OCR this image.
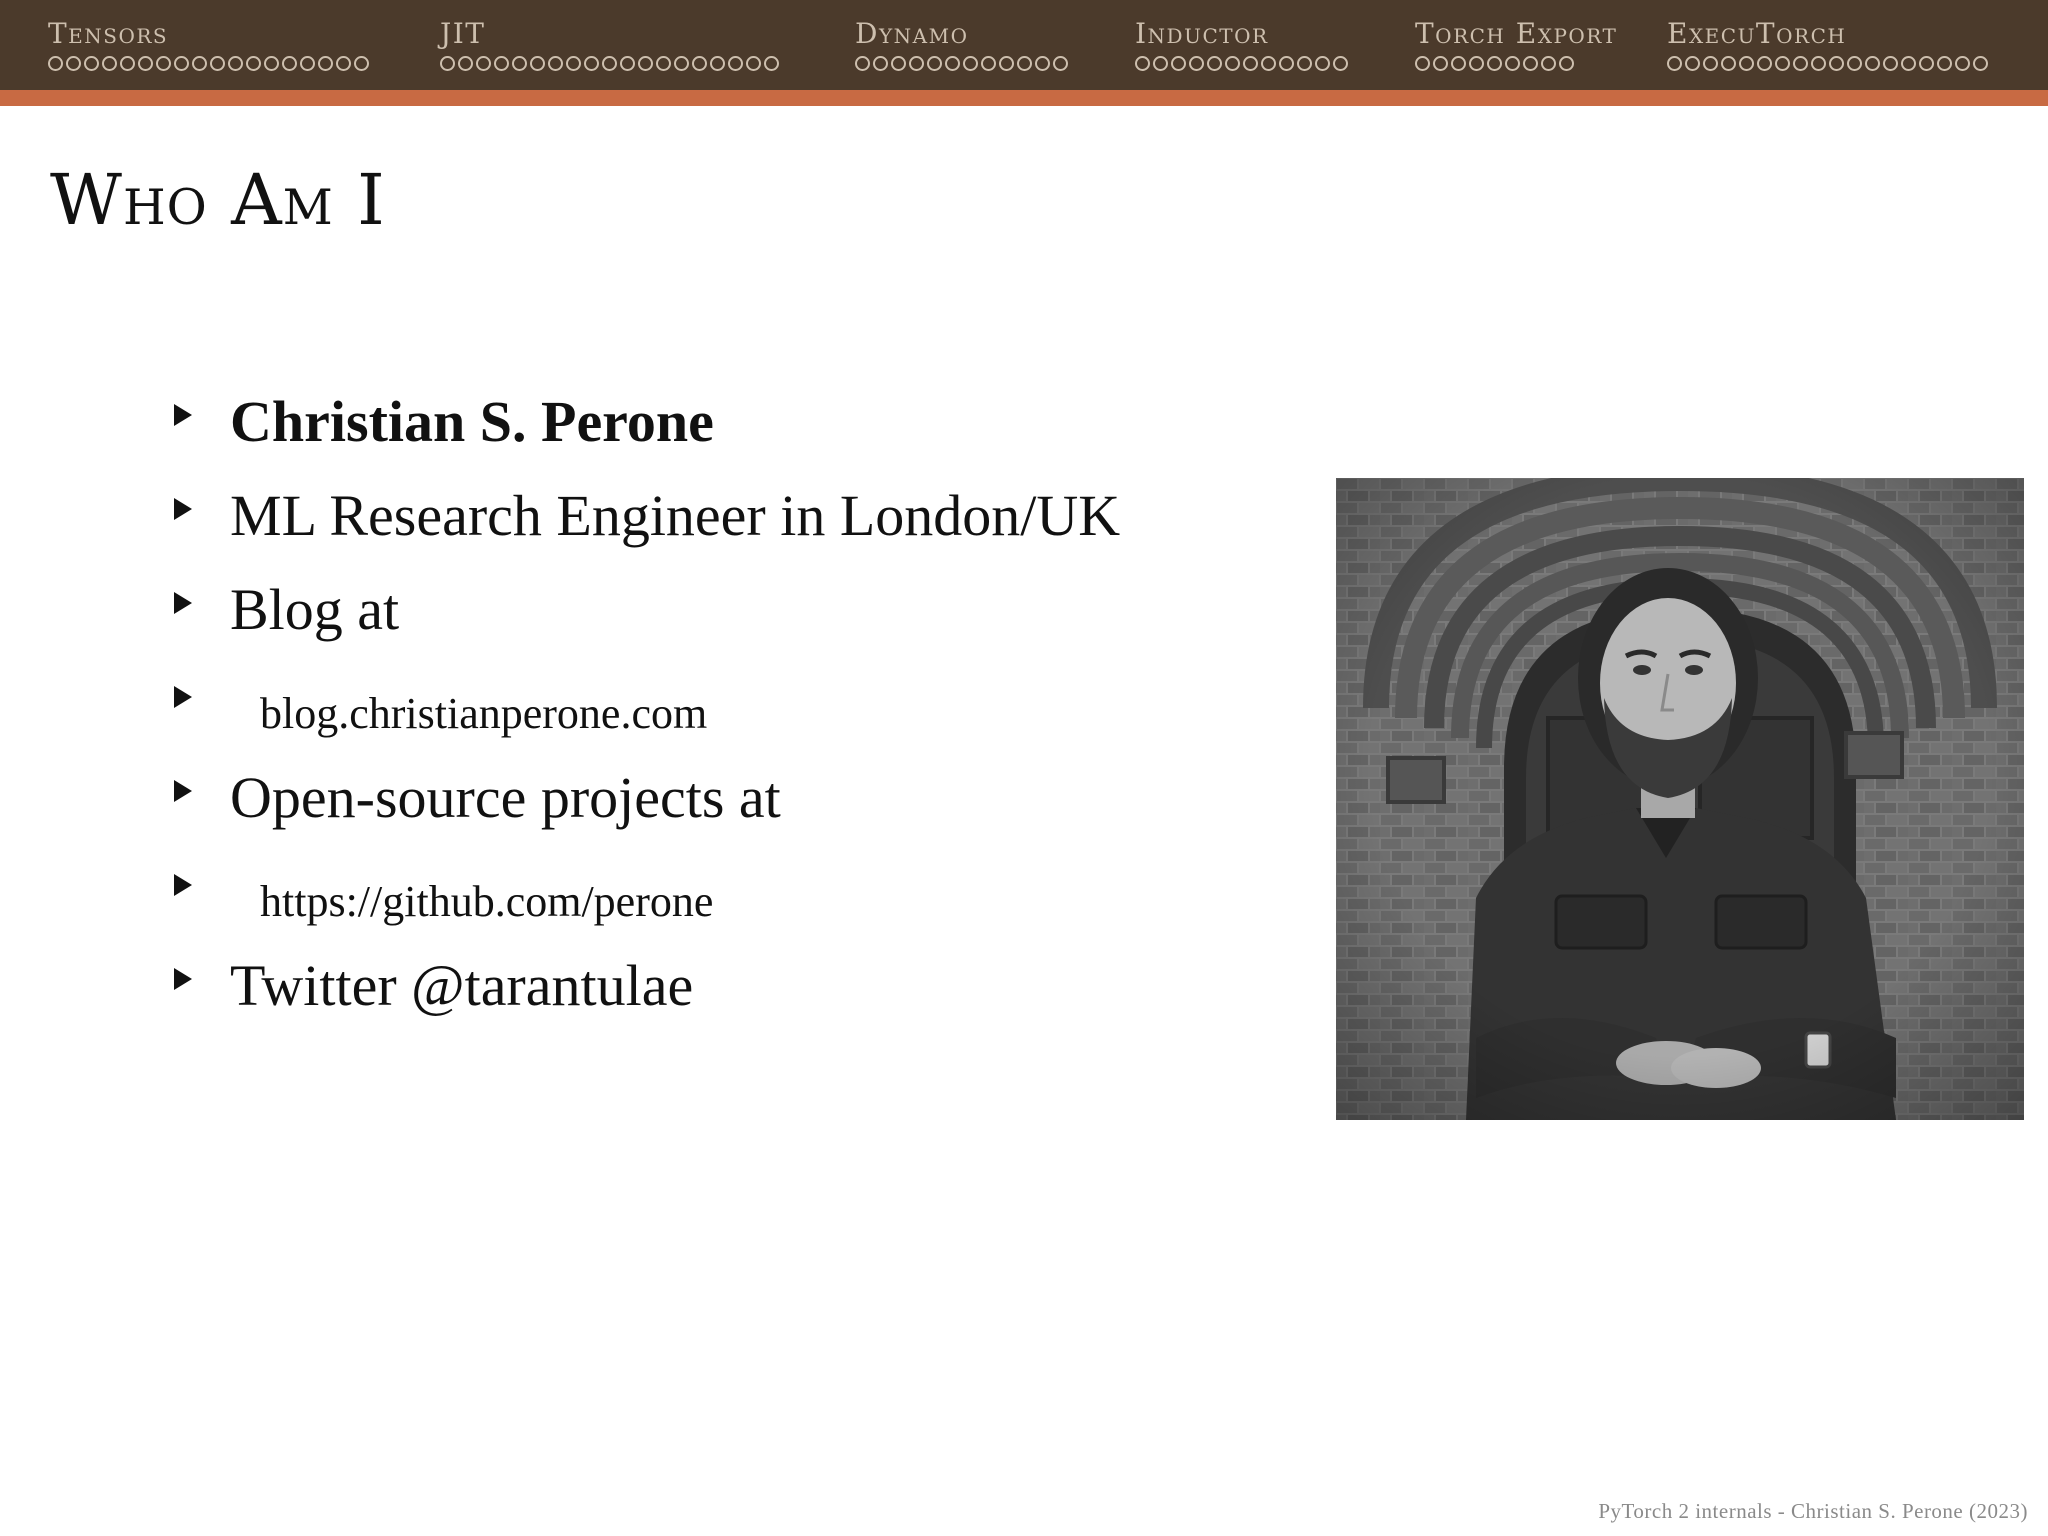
Tensors	JIT	Dynamo	Inductor	Torch Export ExecuTorch
Who Am I
Christian S. Perone
ML Research Engineer in London/UK
Blog at
blog.christianperone.com
Open-source projects at
https://github.com/perone
Twitter @tarantulae
PyTorch 2 internals - Christian S. Perone (2023)
